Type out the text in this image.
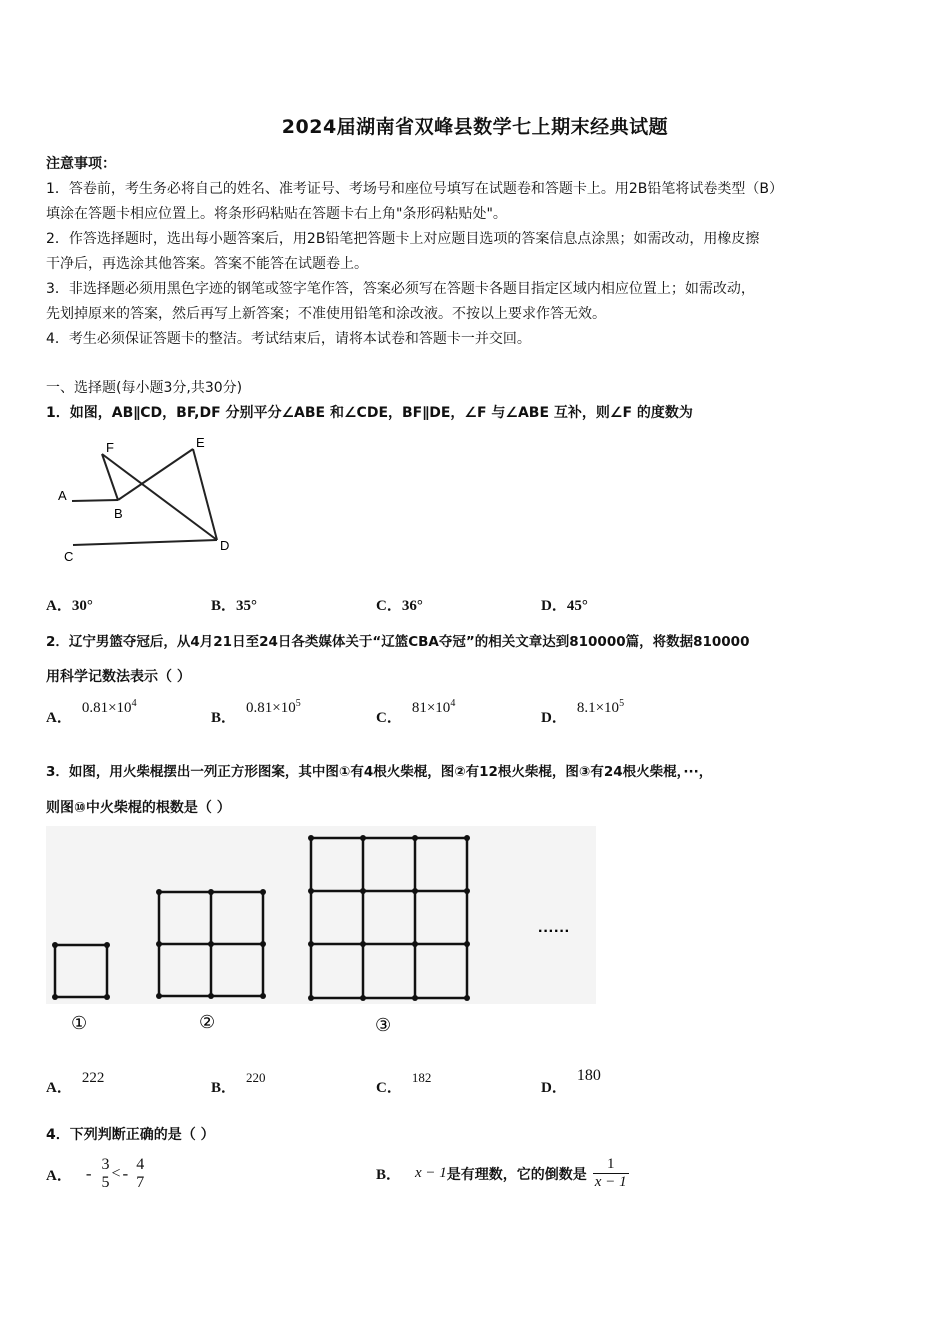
2024届湖南省双峰县数学七上期末经典试题
注意事项：
1．答卷前，考生务必将自己的姓名、准考证号、考场号和座位号填写在试题卷和答题卡上。用2B铅笔将试卷类型（B）
填涂在答题卡相应位置上。将条形码粘贴在答题卡右上角"条形码粘贴处"。
2．作答选择题时，选出每小题答案后，用2B铅笔把答题卡上对应题目选项的答案信息点涂黑；如需改动，用橡皮擦
干净后，再选涂其他答案。答案不能答在试题卷上。
3．非选择题必须用黑色字迹的钢笔或签字笔作答，答案必须写在答题卡各题目指定区域内相应位置上；如需改动，
先划掉原来的答案，然后再写上新答案；不准使用铅笔和涂改液。不按以上要求作答无效。
4．考生必须保证答题卡的整洁。考试结束后，请将本试卷和答题卡一并交回。
一、选择题(每小题3分,共30分)
1．如图，AB∥CD，BF,DF 分别平分∠ABE 和∠CDE，BF∥DE，∠F 与∠ABE 互补，则∠F 的度数为
F	E
A
B
C
D
A．30°	B．35°	C．36°	D．45°
2．辽宁男篮夺冠后，从4月21日至24日各类媒体关于“辽篮CBA夺冠”的相关文章达到810000篇，将数据810000
用科学记数法表示（ ）
A．$0.81\times 10^4$
B．$0.81\times 10^5$
C．$81\times 10^4$
D．$8.1\times 10^5$
3．如图，用火柴棍摆出一列正方形图案，其中图①有4根火柴棍，图②有12根火柴棍，图③有24根火柴棍，···，
则图⑩中火柴棍的根数是（ ）
······
①	②	③
A．222
B．220
C．182
D．180
4．下列判断正确的是（ ）
A． - 3
5
< - 4
7	B． x − 1 是有理数，它的倒数是 $\frac{1}{x - 1}$
